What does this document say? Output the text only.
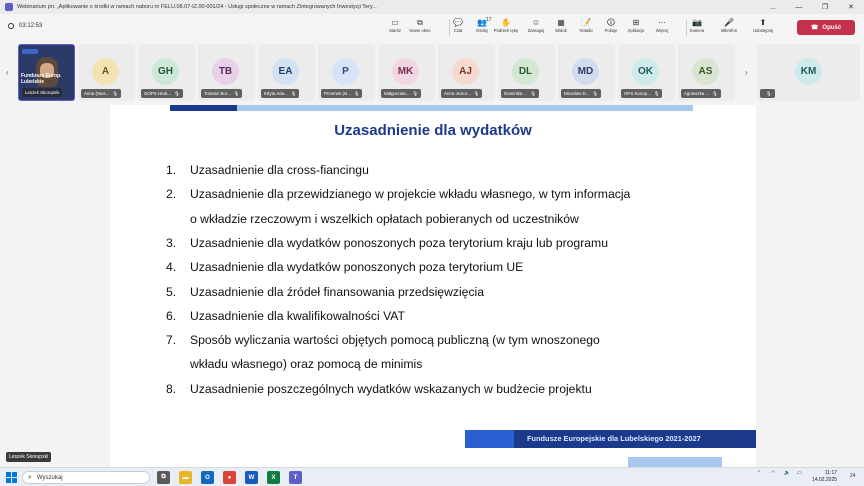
Webinarium pn. „Aplikowanie o środki w ramach naboru nr FELU.08.07-IZ.00-001/24 - Usługi społeczne w ramach Zintegrowanych Inwestycji Tery...	...	—	❐	✕
03:12:53	▭
Starsz
⧉
Nowe okno
💬
Czat
👥 17
Osoby
✋
Podnieś rękę
☺
Zareaguj
▦
Widok
📝
Notatki
🛈
Pokoje
⊞
Aplikacje
⋯
Więcej
📷
Kamera
🎤
Mikrofon
⬆
Udostępnij	☎ Opuść
‹	›
Fundusze Europ. Lubelskie
Leszek Skorupski
A
Anna (Nies... 🎙
GH
GOPS Hrub... 🎙
TB
Tomasz Bor... 🎙
EA
Edyta Ada... 🎙
P
Prcemek (N... 🎙
MK
Małgorzata... 🎙
AJ
Anna Jezior... 🎙
DL
Dominika ... 🎙
MD
Mirosław D... 🎙
OK
OPS Konop... 🎙
AS
Agnieszka ... 🎙
KM
🎙
Uzasadnienie dla wydatków
1.	Uzasadnienie dla cross-fiancingu
2.	Uzasadnienie dla przewidzianego w projekcie wkładu własnego, w tym informacja
o wkładzie rzeczowym i wszelkich opłatach pobieranych od uczestników
3.	Uzasadnienie dla wydatków ponoszonych poza terytorium kraju lub programu
4.	Uzasadnienie dla wydatków ponoszonych poza terytorium UE
5.	Uzasadnienie dla źródeł finansowania przedsięwzięcia
6.	Uzasadnienie dla kwalifikowalności VAT
7.	Sposób wyliczania wartości objętych pomocą publiczną (w tym wnoszonego
wkładu własnego) oraz pomocą de minimis
8.	Uzasadnienie poszczególnych wydatków wskazanych w budżecie projektu
Fundusze Europejskie dla Lubelskiego 2021-2027
Leszek Skorupski
⌕ Wyszukaj	⧉	▬	O	●	W	X	T
⌃ ◠ 🔈 ▭	11:17
14.02.2025
24
